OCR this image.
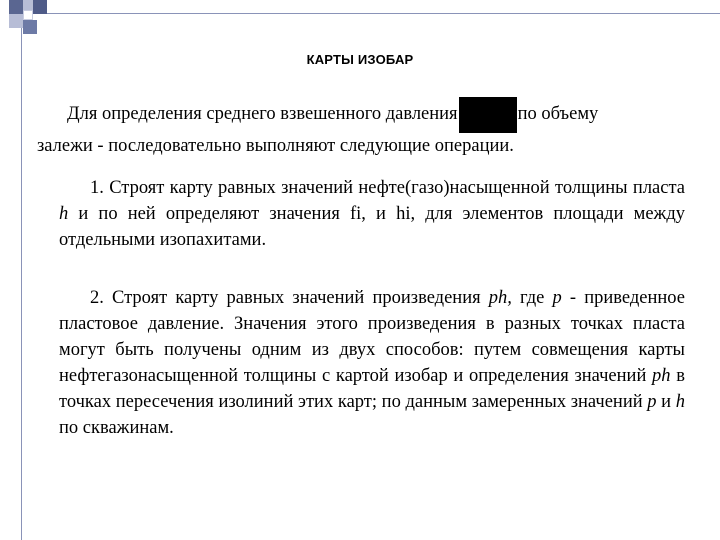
КАРТЫ ИЗОБАР
Для определения среднего взвешенного давления	по объему
залежи - последовательно выполняют следующие операции.
1. Строят карту равных значений нефте(газо)насыщенной толщины пласта h и по ней определяют значения fi, и hi, для элементов площади между отдельными изопахитами.
2. Строят карту равных значений произведения ph, где p - приведенное пластовое давление. Значения этого произведения в разных точках пласта могут быть получены одним из двух способов: путем совмещения карты нефтегазонасыщенной толщины с картой изобар и определения значений ph в точках пересечения изолиний этих карт; по данным замеренных значений p и h по скважинам.
